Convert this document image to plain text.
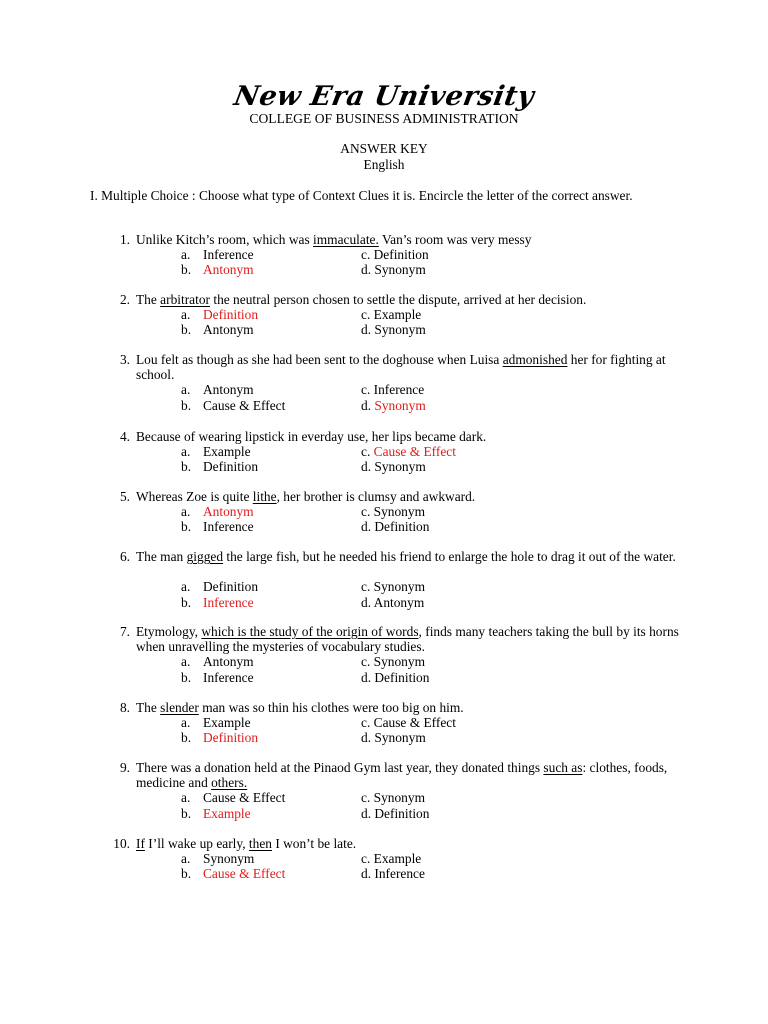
New Era University
COLLEGE OF BUSINESS ADMINISTRATION
ANSWER KEY
English
I. Multiple Choice : Choose what type of Context Clues it is. Encircle the letter of the correct answer.
1. Unlike Kitch’s room, which was immaculate. Van’s room was very messy
a.
b.
Inference
Antonym
c. Definition
d. Synonym
2. The arbitrator the neutral person chosen to settle the dispute, arrived at her decision.
a.
b.
Definition
Antonym
c. Example
d. Synonym
3. Lou felt as though as she had been sent to the doghouse when Luisa admonished her for fighting at school.
a.
b.
Antonym
Cause & Effect
c. Inference
d. Synonym
4. Because of wearing lipstick in everday use, her lips became dark.
a.
b.
Example
Definition
c. Cause & Effect
d. Synonym
5. Whereas Zoe is quite lithe, her brother is clumsy and awkward.
a.
b.
Antonym
Inference
c. Synonym
d. Definition
6. The man gigged the large fish, but he needed his friend to enlarge the hole to drag it out of the water.
a.
b.
Definition
Inference
c. Synonym
d. Antonym
7. Etymology, which is the study of the origin of words, finds many teachers taking the bull by its horns when unravelling the mysteries of vocabulary studies.
a.
b.
Antonym
Inference
c. Synonym
d. Definition
8. The slender man was so thin his clothes were too big on him.
a.
b.
Example
Definition
c. Cause & Effect
d. Synonym
9. There was a donation held at the Pinaod Gym last year, they donated things such as: clothes, foods, medicine and others.
a.
b.
Cause & Effect
Example
c. Synonym
d. Definition
10. If I’ll wake up early, then I won’t be late.
a.
b.
Synonym
Cause & Effect
c. Example
d. Inference
